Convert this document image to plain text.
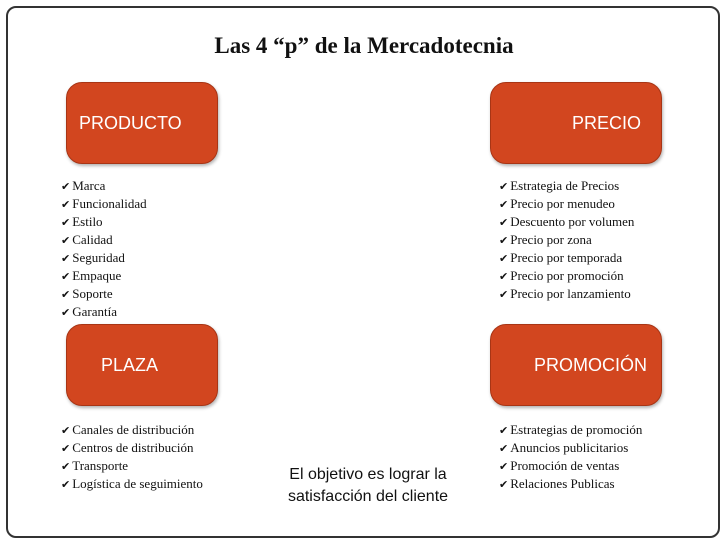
Las 4 “p” de la Mercadotecnia
PRODUCTO	PRECIO
PLAZA	PROMOCIÓN
✔ Marca
✔ Funcionalidad
✔ Estilo
✔ Calidad
✔ Seguridad
✔ Empaque
✔ Soporte
✔ Garantía
✔ Estrategia de Precios
✔ Precio por menudeo
✔ Descuento por volumen
✔ Precio por zona
✔ Precio por temporada
✔ Precio por promoción
✔ Precio por lanzamiento
✔ Canales de distribución
✔ Centros de distribución
✔ Transporte
✔ Logística de seguimiento
✔ Estrategias de promoción
✔ Anuncios publicitarios
✔ Promoción de ventas
✔ Relaciones Publicas
El objetivo es lograr la
satisfacción del cliente
